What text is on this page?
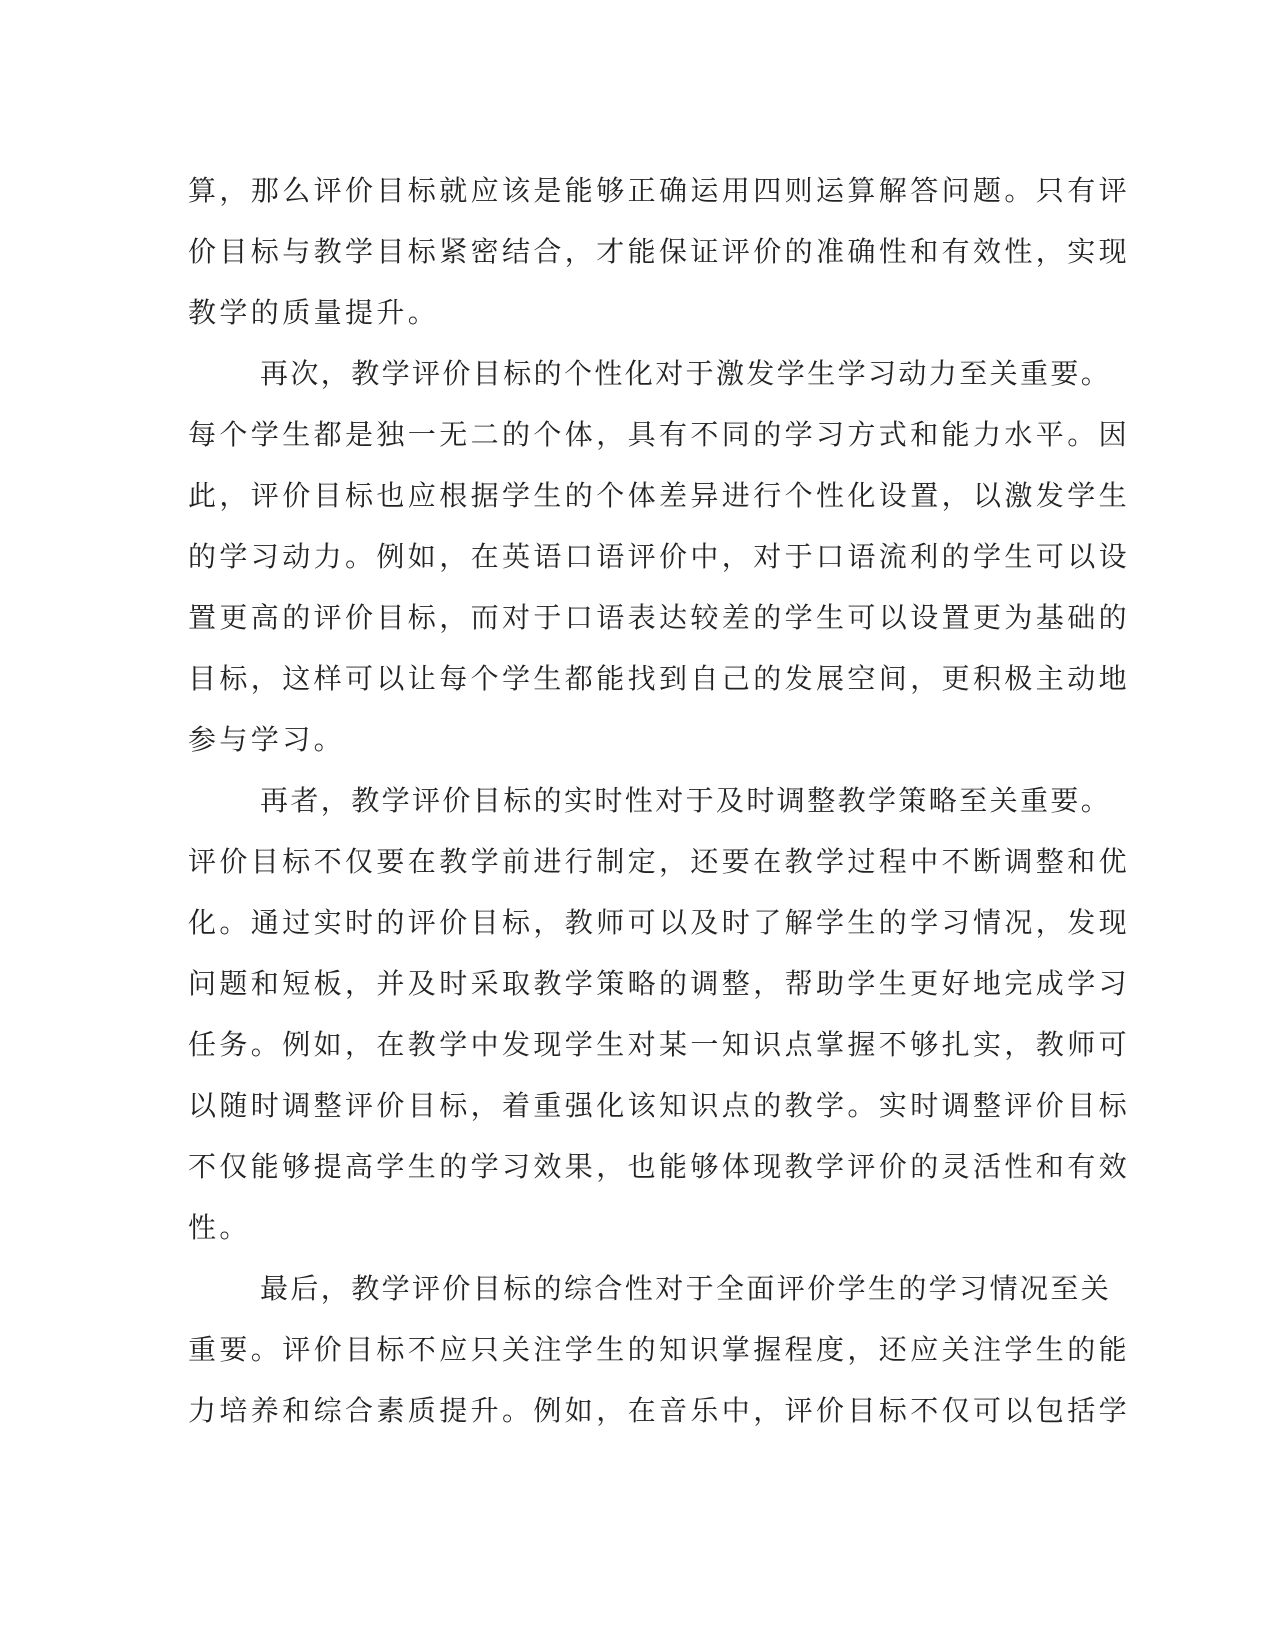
算，那么评价目标就应该是能够正确运用四则运算解答问题。只有评
价目标与教学目标紧密结合，才能保证评价的准确性和有效性，实现
教学的质量提升。
再次，教学评价目标的个性化对于激发学生学习动力至关重要。
每个学生都是独一无二的个体，具有不同的学习方式和能力水平。因
此，评价目标也应根据学生的个体差异进行个性化设置，以激发学生
的学习动力。例如，在英语口语评价中，对于口语流利的学生可以设
置更高的评价目标，而对于口语表达较差的学生可以设置更为基础的
目标，这样可以让每个学生都能找到自己的发展空间，更积极主动地
参与学习。
再者，教学评价目标的实时性对于及时调整教学策略至关重要。
评价目标不仅要在教学前进行制定，还要在教学过程中不断调整和优
化。通过实时的评价目标，教师可以及时了解学生的学习情况，发现
问题和短板，并及时采取教学策略的调整，帮助学生更好地完成学习
任务。例如，在教学中发现学生对某一知识点掌握不够扎实，教师可
以随时调整评价目标，着重强化该知识点的教学。实时调整评价目标
不仅能够提高学生的学习效果，也能够体现教学评价的灵活性和有效
性。
最后，教学评价目标的综合性对于全面评价学生的学习情况至关
重要。评价目标不应只关注学生的知识掌握程度，还应关注学生的能
力培养和综合素质提升。例如，在音乐中，评价目标不仅可以包括学
